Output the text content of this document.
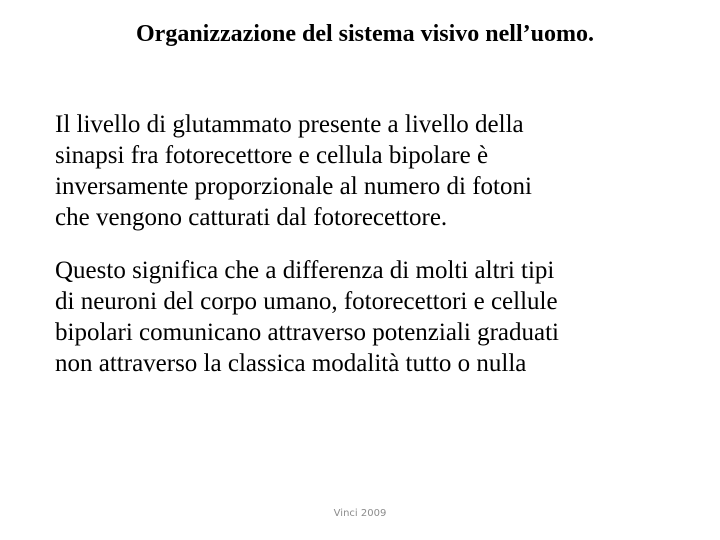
Organizzazione del sistema visivo nell’uomo.

Il livello di glutammato presente a livello della
sinapsi fra fotorecettore e cellula bipolare è
inversamente proporzionale al numero di fotoni
che vengono catturati dal fotorecettore.

Questo significa che a differenza di molti altri tipi
di neuroni del corpo umano, fotorecettori e cellule
bipolari comunicano attraverso potenziali graduati
non attraverso la classica modalità tutto o nulla

Vinci 2009
